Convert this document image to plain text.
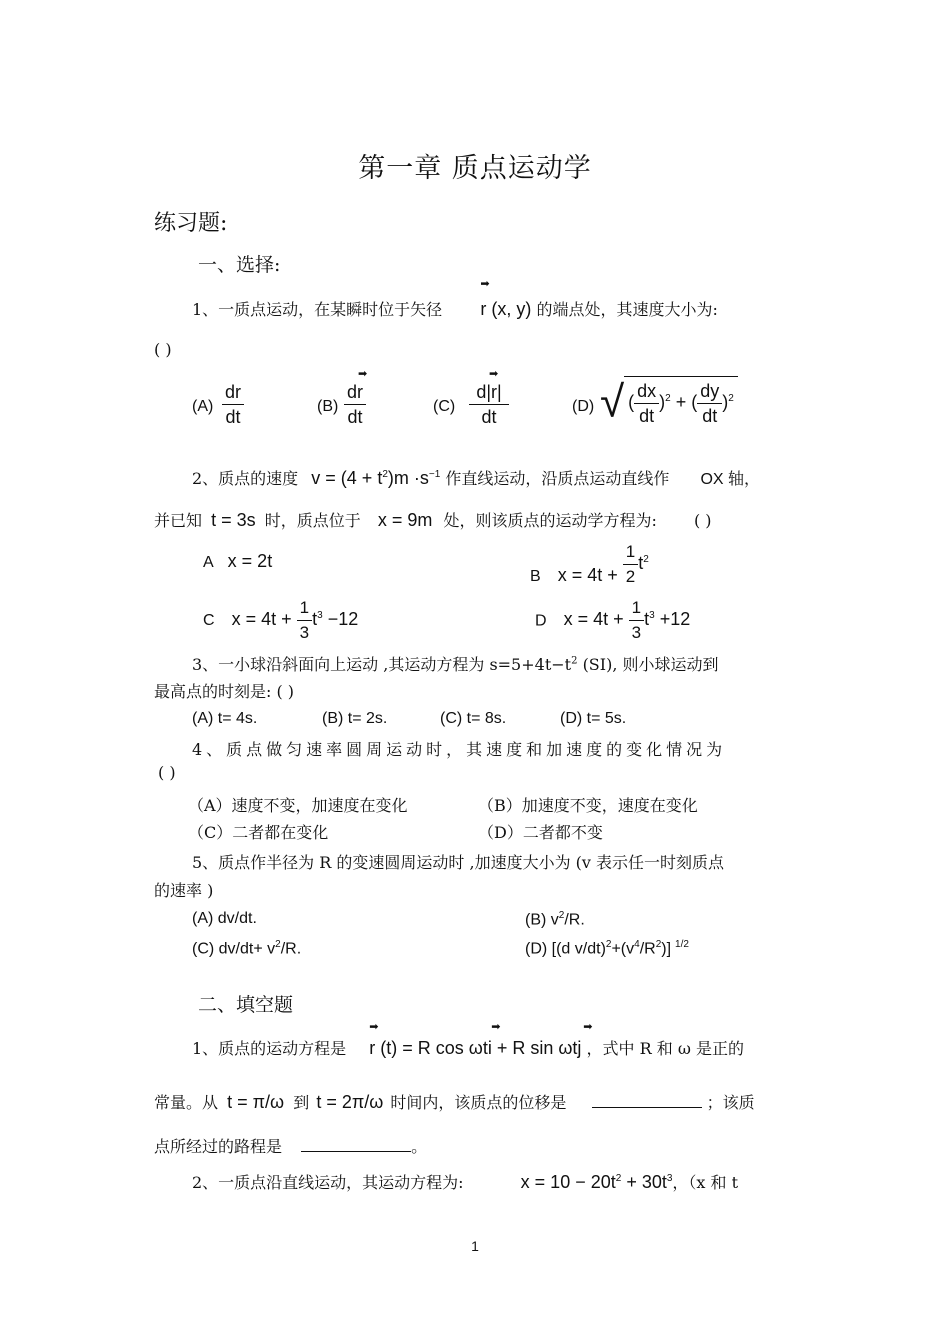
第一章 质点运动学
练习题:
一、选择:
1、一质点运动，在某瞬时位于矢径
➡
r (x, y) 的端点处，其速度大小为:
( )
$(A) \frac{dr}{dt}$	(B) ➡
dr
dt	(C) ➡
d|r|
dt	(D) √ ( $\frac{dx}{dt} )^2$ + ( $\frac{dy}{dt} )^2$
2、质点的速度 $v = (4 + t^2)m \cdot s^{-1}$ 作直线运动，沿质点运动直线作 OX 轴，
并已知 t = 3s 时，质点位于 x = 9m 处，则该质点的运动学方程为: ( )
A x = 2t
B $x = 4t + \frac{1}{2} t^2$
C $x = 4t + \frac{1}{3} t^3 -12$	D $x = 4t + \frac{1}{3} t^3 +12$
3、一小球沿斜面向上运动 ,其运动方程为 $s=5+4t-t^2$ (SI), 则小球运动到
最高点的时刻是: ( )
(A) t= 4s.	(B) t= 2s.	(C) t= 8s.	(D) t= 5s.
4、质点做匀速率圆周运动时，其速度和加速度的变化情况为
( )
（A）速度不变，加速度在变化	（B）加速度不变，速度在变化
（C）二者都在变化	（D）二者都不变
5、质点作半径为 R 的变速圆周运动时 ,加速度大小为 (v 表示任一时刻质点
的速率 )
(A) dv/dt.	(B) $v^2/R$.
(C) $dv/dt+ v^2/R$.	(D) [(d $v/dt)^2+(v^4/R^2)$] $^{1/2}$
二、填空题
1、质点的运动方程是
➡	➡	➡
r (t) = R cos ωti + R sin ωtj ，式中 R 和 ω 是正的
常量。从 t = π/ω 到 t = 2π/ω 时间内，该质点的位移是	；该质
点所经过的路程是	。
2、一质点沿直线运动，其运动方程为:	$x = 10 - 20t^2 + 30t^3$，（x 和 t
1
